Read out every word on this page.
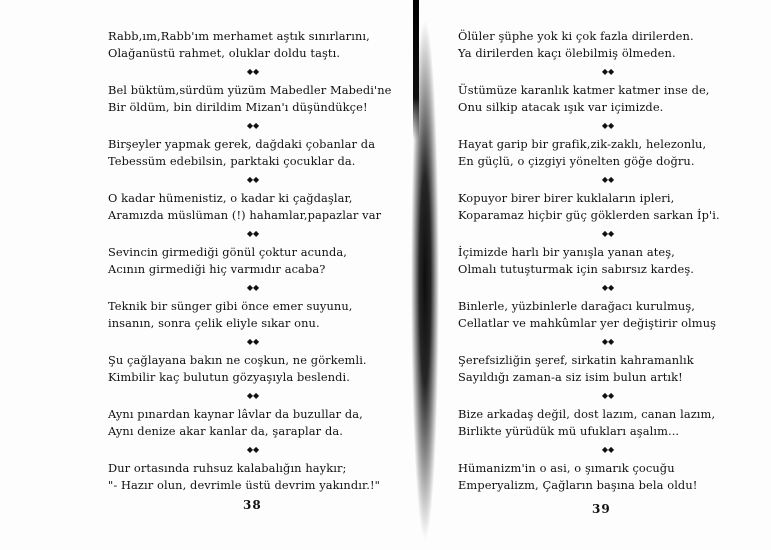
Rabb,ım,Rabb'ım merhamet aştık sınırlarını,
Olağanüstü rahmet, oluklar doldu taştı.
◆◆
Bel büktüm,sürdüm yüzüm Mabedler Mabedi'ne
Bir öldüm, bin dirildim Mizan'ı düşündükçe!
◆◆
Birşeyler yapmak gerek, dağdaki çobanlar da
Tebessüm edebilsin, parktaki çocuklar da.
◆◆
O kadar hümenistiz, o kadar ki çağdaşlar,
Aramızda müslüman (!) hahamlar,papazlar var
◆◆
Sevincin girmediği gönül çoktur acunda,
Acının girmediği hiç varmıdır acaba?
◆◆
Teknik bir sünger gibi önce emer suyunu,
insanın, sonra çelik eliyle sıkar onu.
◆◆
Şu çağlayana bakın ne coşkun, ne görkemli.
Kimbilir kaç bulutun gözyaşıyla beslendi.
◆◆
Aynı pınardan kaynar lâvlar da buzullar da,
Aynı denize akar kanlar da, şaraplar da.
◆◆
Dur ortasında ruhsuz kalabalığın haykır;
"- Hazır olun, devrimle üstü devrim yakındır.!"
38
Ölüler şüphe yok ki çok fazla dirilerden.
Ya dirilerden kaçı ölebilmiş ölmeden.
◆◆
Üstümüze karanlık katmer katmer inse de,
Onu silkip atacak ışık var içimizde.
◆◆
Hayat garip bir grafik,zik-zaklı, helezonlu,
En güçlü, o çizgiyi yönelten göğe doğru.
◆◆
Kopuyor birer birer kuklaların ipleri,
Koparamaz hiçbir güç göklerden sarkan İp'i.
◆◆
İçimizde harlı bir yanışla yanan ateş,
Olmalı tutuşturmak için sabırsız kardeş.
◆◆
Binlerle, yüzbinlerle darağacı kurulmuş,
Cellatlar ve mahkûmlar yer değiştirir olmuş
◆◆
Şerefsizliğin şeref, sirkatin kahramanlık
Sayıldığı zaman-a siz isim bulun artık!
◆◆
Bize arkadaş değil, dost lazım, canan lazım,
Birlikte yürüdük mü ufukları aşalım...
◆◆
Hümanizm'in o asi, o şımarık çocuğu
Emperyalizm, Çağların başına bela oldu!
39
